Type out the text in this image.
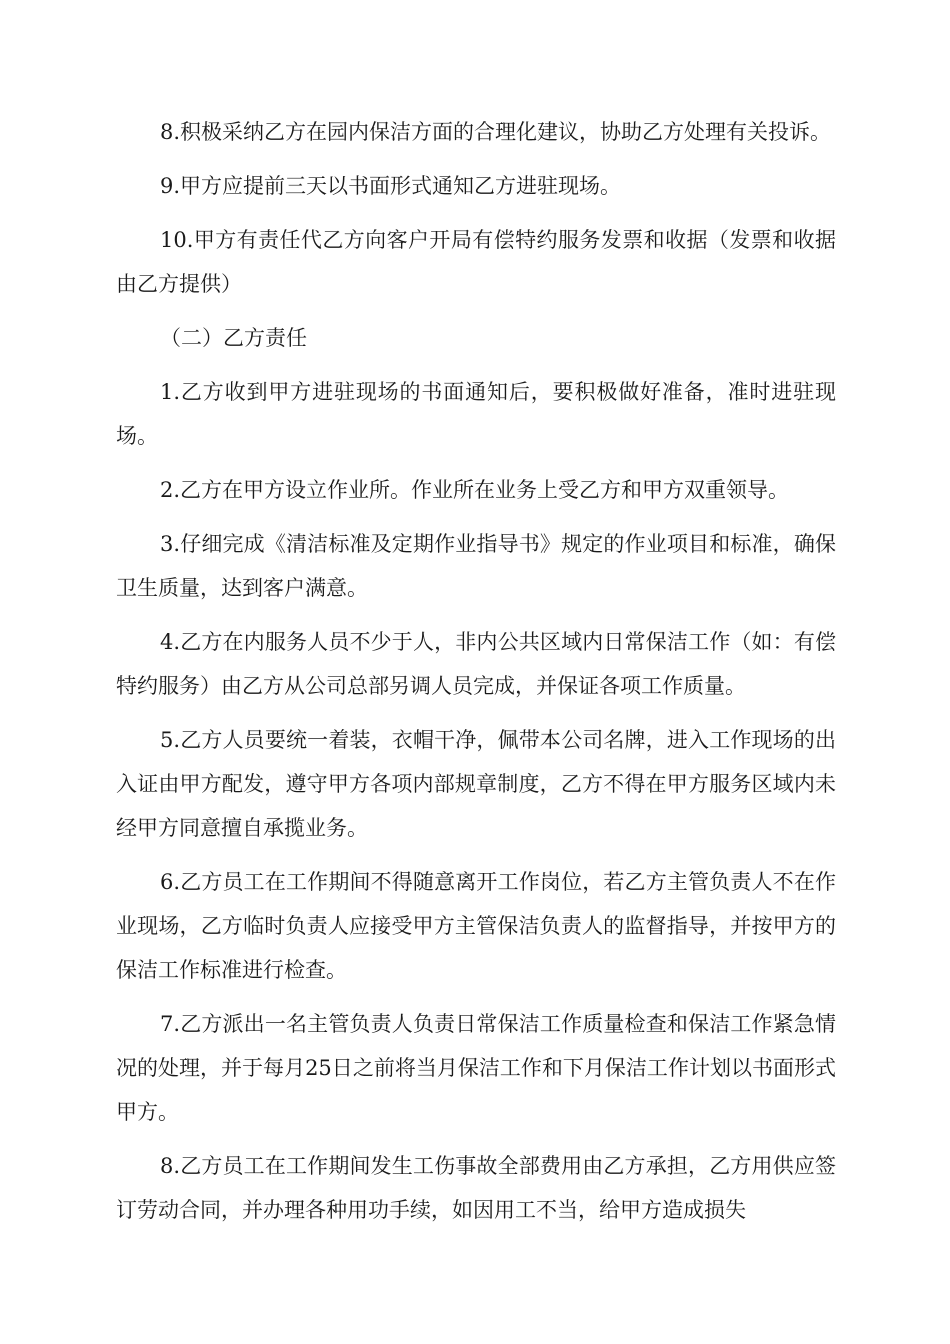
8.积极采纳乙方在园内保洁方面的合理化建议，协助乙方处理有关投诉。

9.甲方应提前三天以书面形式通知乙方进驻现场。

10.甲方有责任代乙方向客户开局有偿特约服务发票和收据（发票和收据由乙方提供）

（二）乙方责任

1.乙方收到甲方进驻现场的书面通知后，要积极做好准备，准时进驻现场。

2.乙方在甲方设立作业所。作业所在业务上受乙方和甲方双重领导。

3.仔细完成《清洁标准及定期作业指导书》规定的作业项目和标准，确保卫生质量，达到客户满意。

4.乙方在内服务人员不少于人，非内公共区域内日常保洁工作（如：有偿特约服务）由乙方从公司总部另调人员完成，并保证各项工作质量。

5.乙方人员要统一着装，衣帽干净，佩带本公司名牌，进入工作现场的出入证由甲方配发，遵守甲方各项内部规章制度，乙方不得在甲方服务区域内未经甲方同意擅自承揽业务。

6.乙方员工在工作期间不得随意离开工作岗位，若乙方主管负责人不在作业现场，乙方临时负责人应接受甲方主管保洁负责人的监督指导，并按甲方的保洁工作标准进行检查。

7.乙方派出一名主管负责人负责日常保洁工作质量检查和保洁工作紧急情况的处理，并于每月25日之前将当月保洁工作和下月保洁工作计划以书面形式甲方。

8.乙方员工在工作期间发生工伤事故全部费用由乙方承担，乙方用供应签订劳动合同，并办理各种用功手续，如因用工不当，给甲方造成损失
